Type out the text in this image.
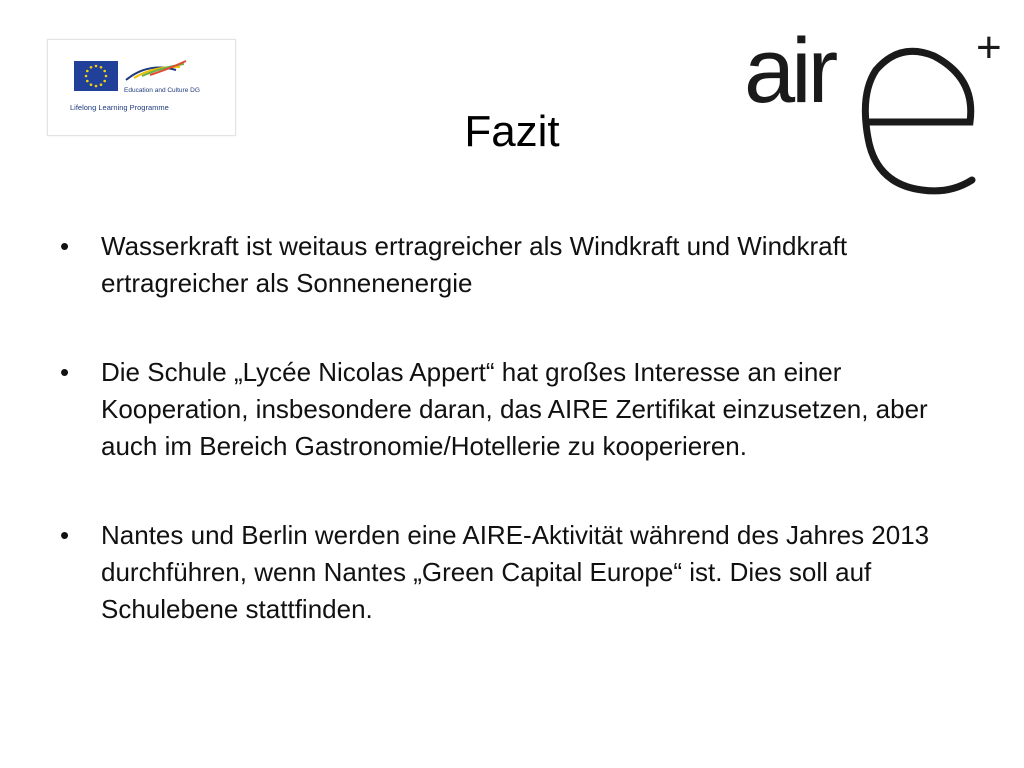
Education and Culture DG
Lifelong Learning Programme	air	+
Fazit
• Wasserkraft ist weitaus ertragreicher als Windkraft und Windkraft ertragreicher als Sonnenenergie
• Die Schule „Lycée Nicolas Appert“ hat großes Interesse an einer Kooperation, insbesondere daran, das AIRE Zertifikat einzusetzen, aber auch im Bereich Gastronomie/Hotellerie zu kooperieren.
• Nantes und Berlin werden eine AIRE-Aktivität während des Jahres 2013 durchführen, wenn Nantes „Green Capital Europe“ ist. Dies soll auf Schulebene stattfinden.
